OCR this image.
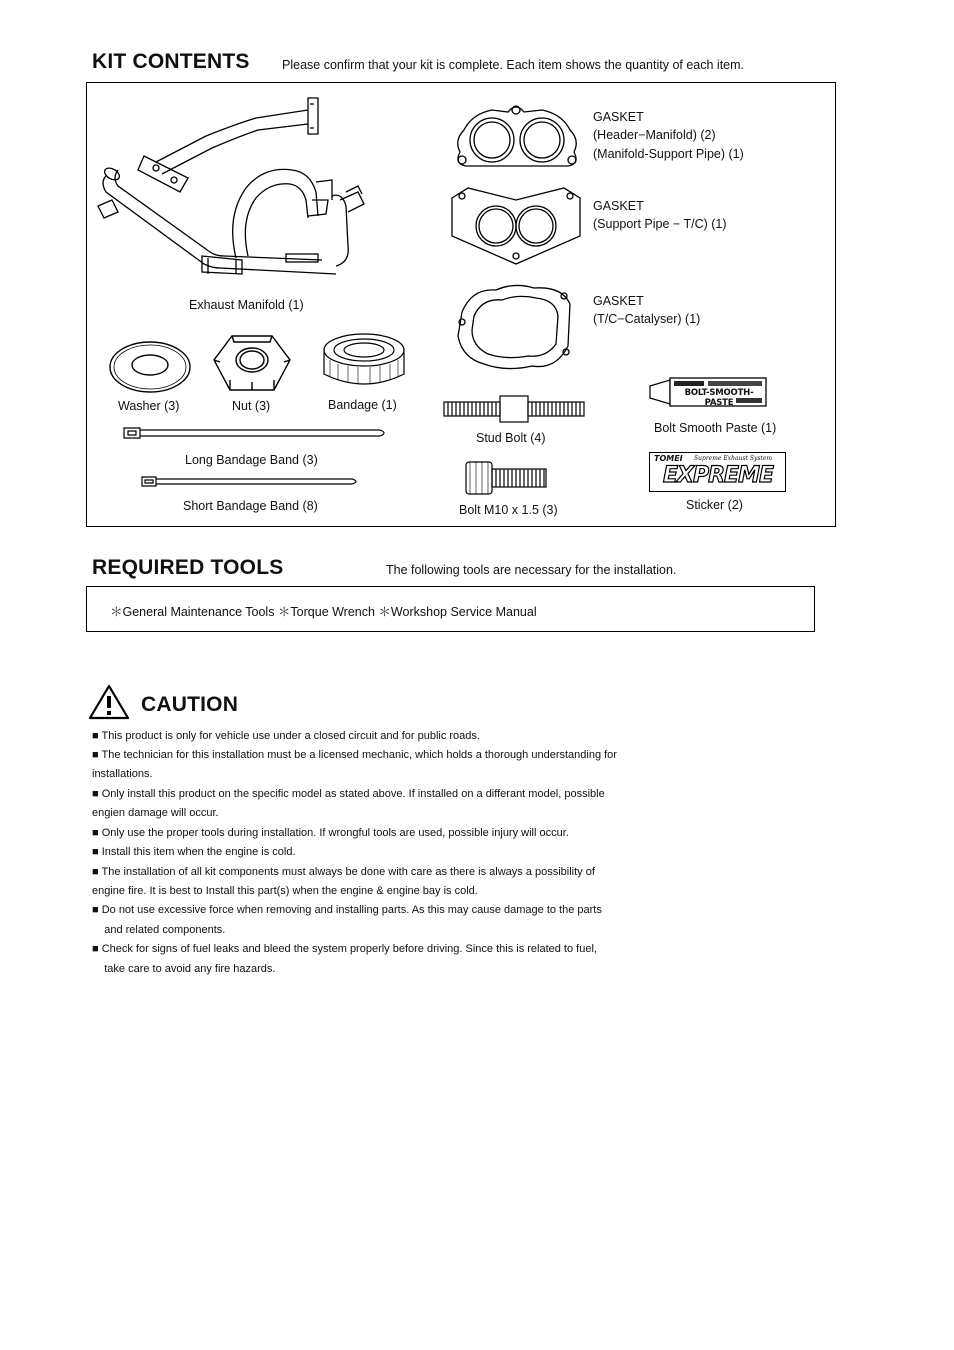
KIT CONTENTS	Please confirm that your kit is complete. Each item shows the quantity of each item.
Exhaust Manifold (1)
GASKET
(Header−Manifold) (2)
(Manifold-Support Pipe) (1)
GASKET
(Support Pipe − T/C) (1)
GASKET
(T/C−Catalyser) (1)
Washer (3)	Nut (3)	Bandage (1)
Long Bandage Band (3)
Short Bandage Band (8)
Stud Bolt (4)
Bolt M10 x 1.5 (3)
BOLT-SMOOTH-PASTE
Bolt Smooth Paste (1)
TOMEI Supreme Exhaust System
EXPREME
Sticker (2)
REQUIRED TOOLS	The following tools are necessary for the installation.
＊General Maintenance Tools ＊Torque Wrench ＊Workshop Service Manual
CAUTION
■ This product is only for vehicle use under a closed circuit and for public roads.
■ The technician for this installation must be a licensed mechanic, which holds a thorough understanding for
installations.
■ Only install this product on the specific model as stated above. If installed on a differant model, possible
engien damage will occur.
■ Only use the proper tools during installation. If wrongful tools are used, possible injury will occur.
■ Install this item when the engine is cold.
■ The installation of all kit components must always be done with care as there is always a possibility of
engine fire. It is best to Install this part(s) when the engine & engine bay is cold.
■ Do not use excessive force when removing and installing parts. As this may cause damage to the parts
and related components.
■ Check for signs of fuel leaks and bleed the system properly before driving. Since this is related to fuel,
take care to avoid any fire hazards.
